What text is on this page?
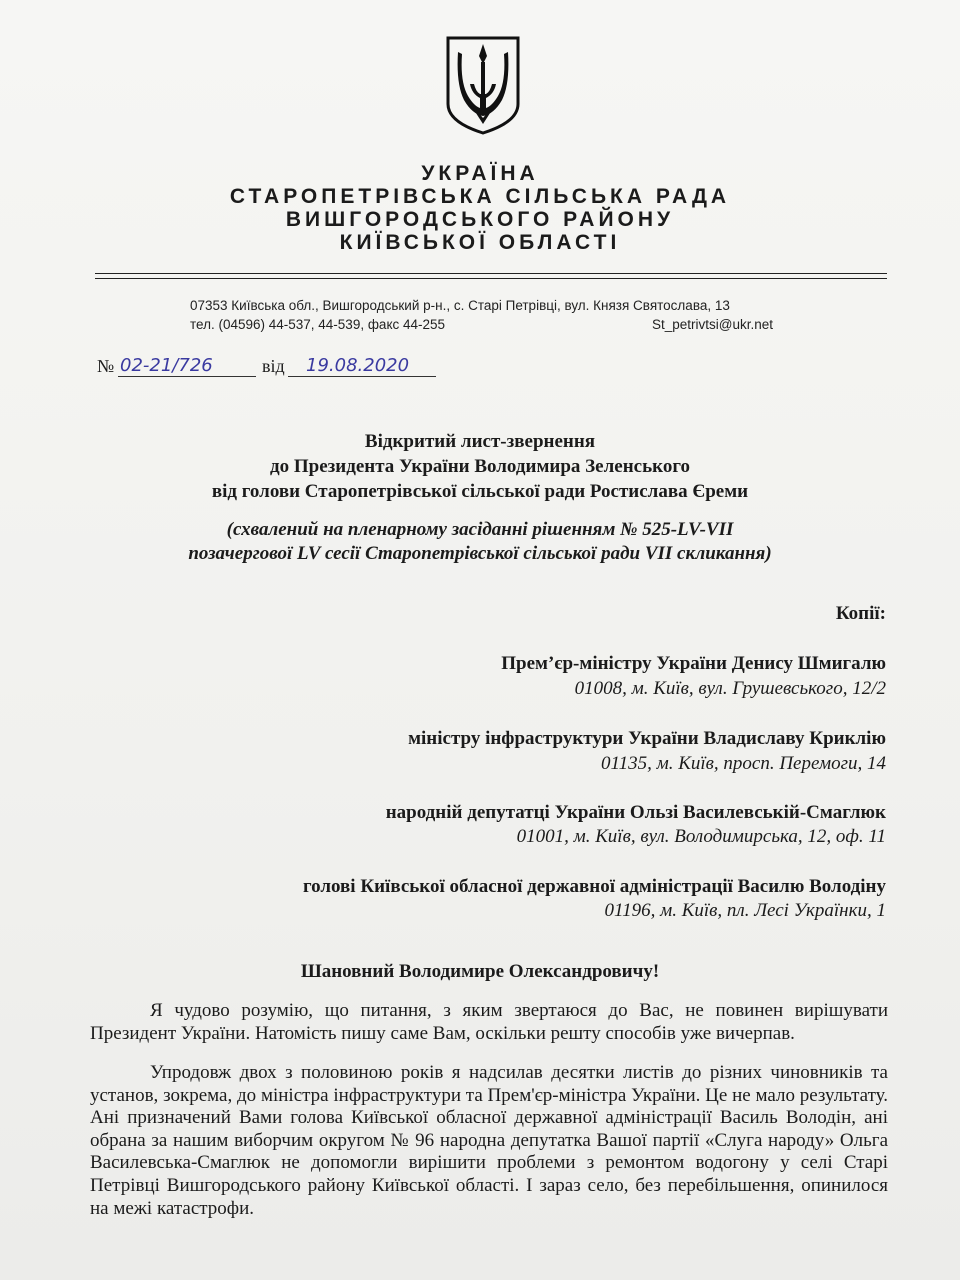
УКРАЇНА
СТАРОПЕТРІВСЬКА СІЛЬСЬКА РАДА
ВИШГОРОДСЬКОГО РАЙОНУ
КИЇВСЬКОЇ ОБЛАСТІ
07353 Київська обл., Вишгородський р-н., с. Старі Петрівці, вул. Князя Святослава, 13
тел. (04596) 44-537, 44-539, факс 44-255	St_petrivtsi@ukr.net
№ 02-21/726	від 19.08.2020
Відкритий лист-звернення
до Президента України Володимира Зеленського
від голови Старопетрівської сільської ради Ростислава Єреми
(схвалений на пленарному засіданні рішенням № 525-LV-VII
позачергової LV сесії Старопетрівської сільської ради VII скликання)
Копії:
Прем’єр-міністру України Денису Шмигалю
01008, м. Київ, вул. Грушевського, 12/2
міністру інфраструктури України Владиславу Криклію
01135, м. Київ, просп. Перемоги, 14
народній депутатці України Ользі Василевській-Смаглюк
01001, м. Київ, вул. Володимирська, 12, оф. 11
голові Київської обласної державної адміністрації Василю Володіну
01196, м. Київ, пл. Лесі Українки, 1
Шановний Володимире Олександровичу!
Я чудово розумію, що питання, з яким звертаюся до Вас, не повинен вирішувати Президент України. Натомість пишу саме Вам, оскільки решту способів уже вичерпав.
Упродовж двох з половиною років я надсилав десятки листів до різних чиновників та установ, зокрема, до міністра інфраструктури та Прем'єр-міністра України. Це не мало результату. Ані призначений Вами голова Київської обласної державної адміністрації Василь Володін, ані обрана за нашим виборчим округом № 96 народна депутатка Вашої партії «Слуга народу» Ольга Василевська-Смаглюк не допомогли вирішити проблеми з ремонтом водогону у селі Старі Петрівці Вишгородського району Київської області. І зараз село, без перебільшення, опинилося на межі катастрофи.
